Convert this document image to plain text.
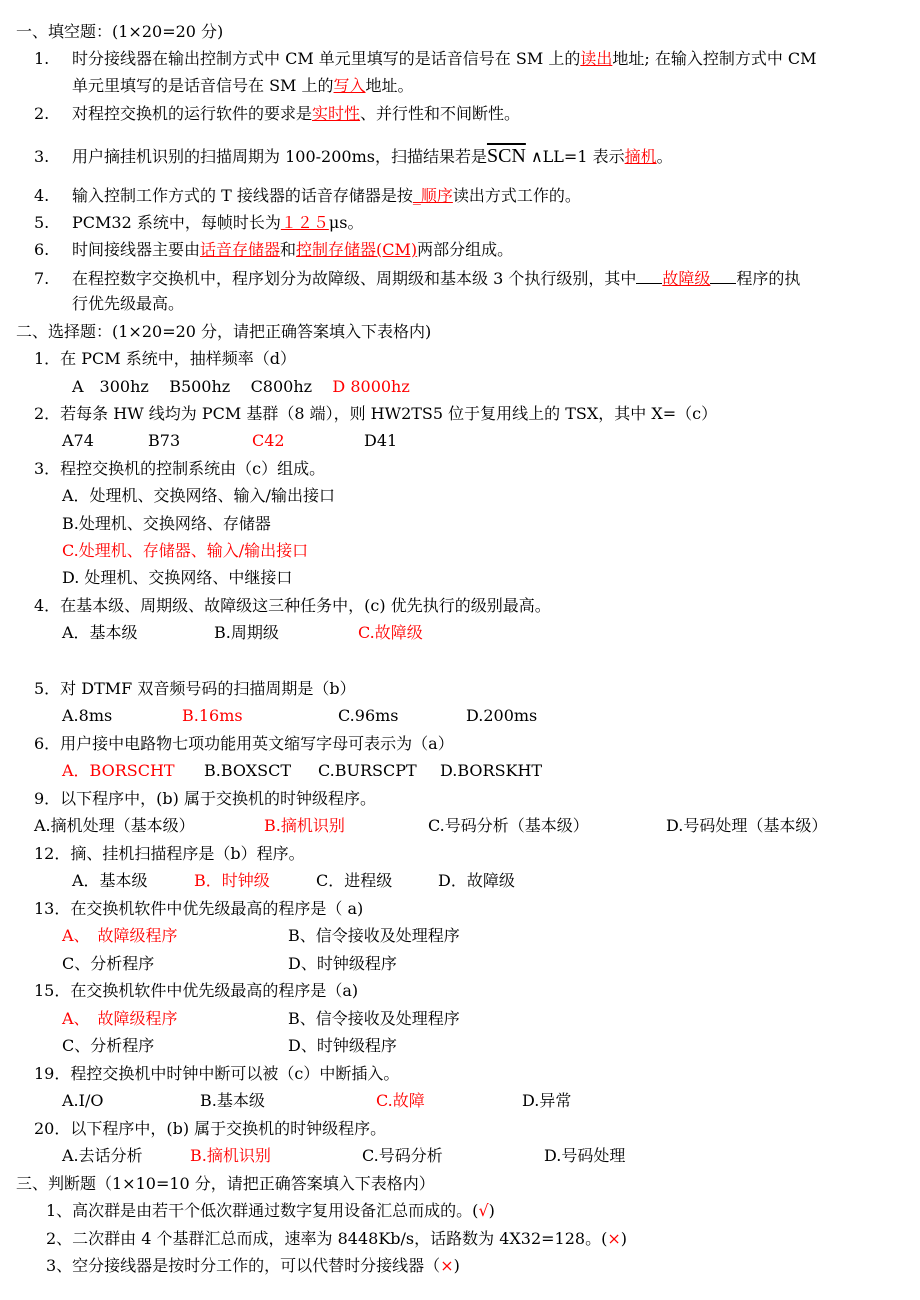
一、填空题：(1×20=20 分)
1. 时分接线器在输出控制方式中 CM 单元里填写的是话音信号在 SM 上的读出地址; 在输入控制方式中 CM
单元里填写的是话音信号在 SM 上的写入地址。
2. 对程控交换机的运行软件的要求是实时性、并行性和不间断性。
3. 用户摘挂机识别的扫描周期为 100-200ms，扫描结果若是$\overline{SCN}$ ∧LL=1 表示摘机。
4. 输入控制工作方式的 T 接线器的话音存储器是按_顺序读出方式工作的。
5. PCM32 系统中，每帧时长为１２５μs。
6. 时间接线器主要由话音存储器和控制存储器(CM)两部分组成。
7. 在程控数字交换机中，程序划分为故障级、周期级和基本级 3 个执行级别，其中 故障级 程序的执
行优先级最高。
二、选择题：(1×20=20 分，请把正确答案填入下表格内)
1．在 PCM 系统中，抽样频率（d）
A　300hz B500hz C800hz D 8000hz
2．若每条 HW 线均为 PCM 基群（8 端），则 HW2TS5 位于复用线上的 TSX，其中 X=（c）
A74	B73	C42	D41
3．程控交换机的控制系统由（c）组成。
A．处理机、交换网络、输入/输出接口
B.处理机、交换网络、存储器
C.处理机、存储器、输入/输出接口
D. 处理机、交换网络、中继接口
4．在基本级、周期级、故障级这三种任务中，(c) 优先执行的级别最高。
A．基本级	B.周期级	C.故障级
5．对 DTMF 双音频号码的扫描周期是（b）
A.8ms	B.16ms	C.96ms	D.200ms
6．用户接中电路物七项功能用英文缩写字母可表示为（a）
A．BORSCHT B.BOXSCT C.BURSCPT D.BORSKHT
9．以下程序中，(b) 属于交换机的时钟级程序。
A.摘机处理（基本级）	B.摘机识别	C.号码分析（基本级）	D.号码处理（基本级）
12．摘、挂机扫描程序是（b）程序。
A．基本级	B．时钟级	C．进程级	D．故障级
13．在交换机软件中优先级最高的程序是（ a)
A、　故障级程序	B、信令接收及处理程序
C、分析程序	D、时钟级程序
15．在交换机软件中优先级最高的程序是（a)
A、　故障级程序	B、信令接收及处理程序
C、分析程序	D、时钟级程序
19．程控交换机中时钟中断可以被（c）中断插入。
A.I/O	B.基本级	C.故障	D.异常
20．以下程序中，(b) 属于交换机的时钟级程序。
A.去话分析	B.摘机识别	C.号码分析	D.号码处理
三、判断题（1×10=10 分，请把正确答案填入下表格内）
1、高次群是由若干个低次群通过数字复用设备汇总而成的。(√)
2、二次群由 4 个基群汇总而成，速率为 8448Kb/s，话路数为 4X32=128。(×)
3、空分接线器是按时分工作的，可以代替时分接线器（×)
